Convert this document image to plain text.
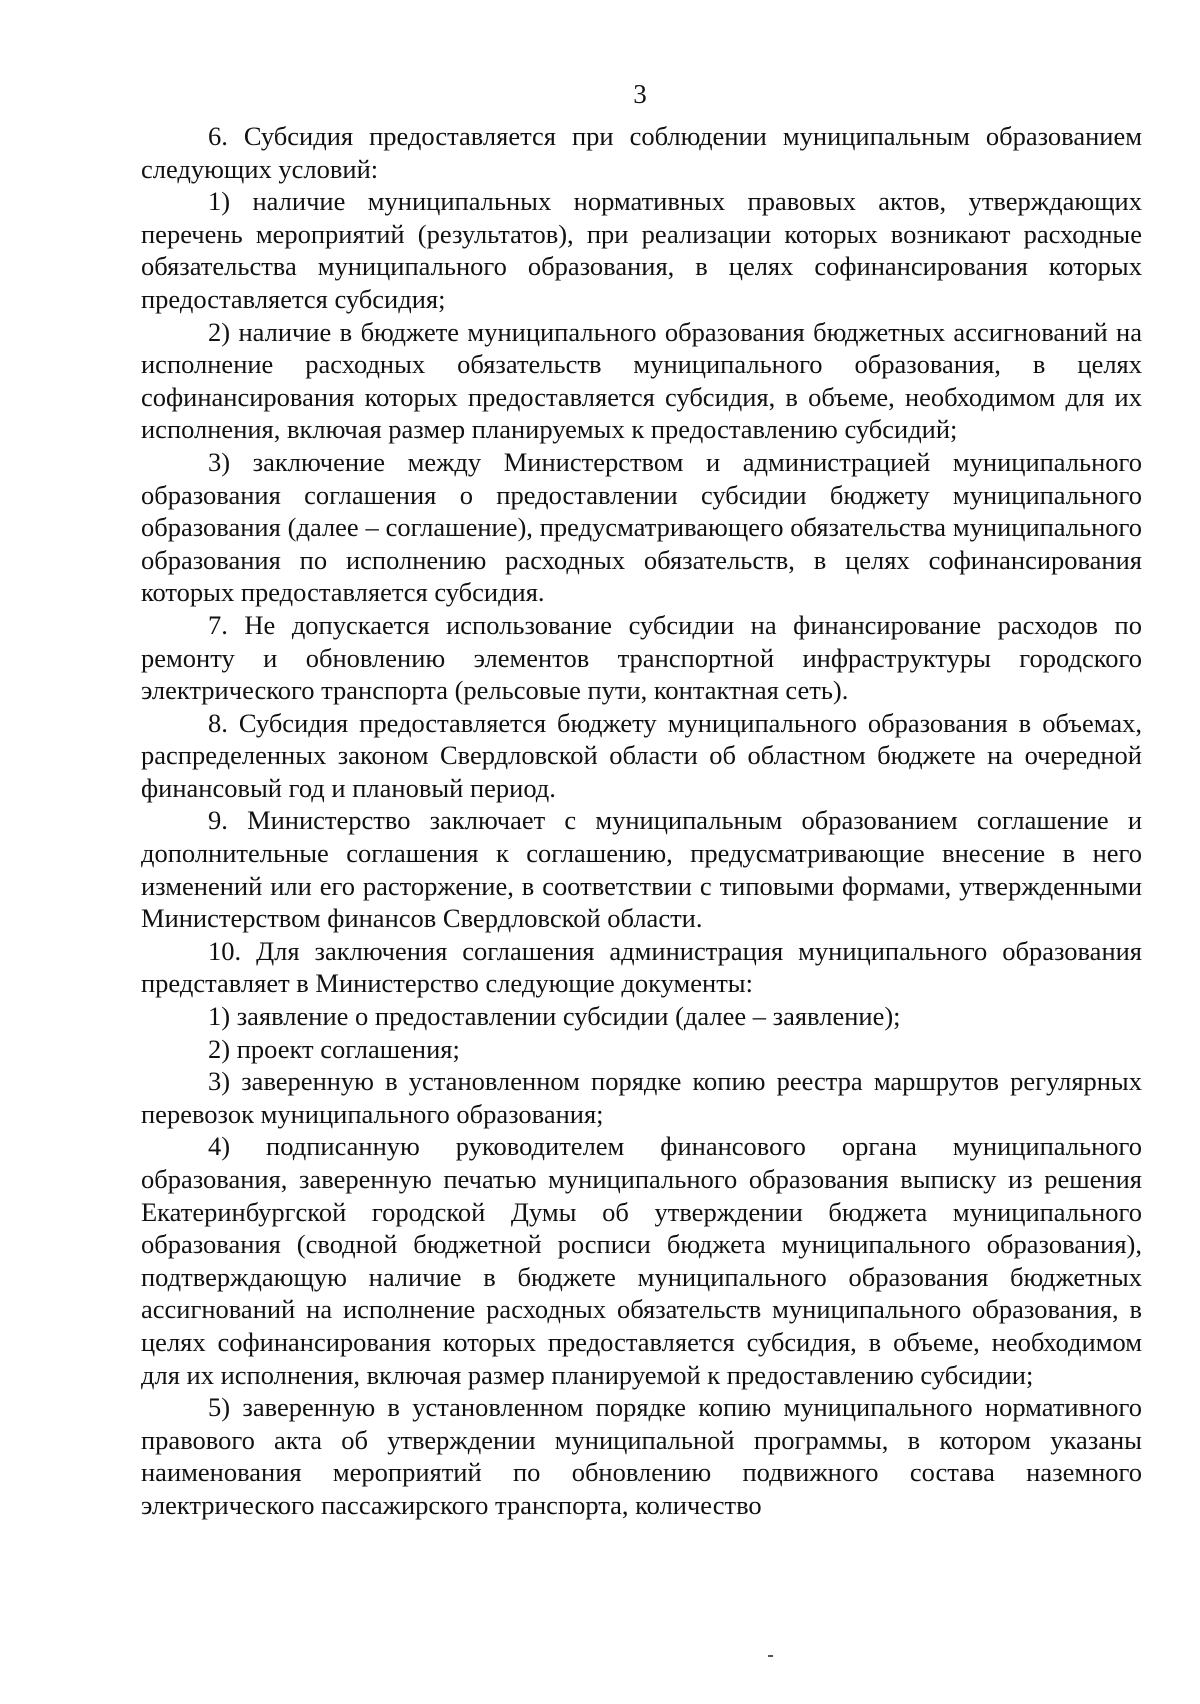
3

6. Субсидия предоставляется при соблюдении муниципальным образованием следующих условий:

1) наличие муниципальных нормативных правовых актов, утверждающих перечень мероприятий (результатов), при реализации которых возникают расходные обязательства муниципального образования, в целях софинансирования которых предоставляется субсидия;

2) наличие в бюджете муниципального образования бюджетных ассигнований на исполнение расходных обязательств муниципального образования, в целях софинансирования которых предоставляется субсидия, в объеме, необходимом для их исполнения, включая размер планируемых к предоставлению субсидий;

3) заключение между Министерством и администрацией муниципального образования соглашения о предоставлении субсидии бюджету муниципального образования (далее – соглашение), предусматривающего обязательства муниципального образования по исполнению расходных обязательств, в целях софинансирования которых предоставляется субсидия.

7. Не допускается использование субсидии на финансирование расходов по ремонту и обновлению элементов транспортной инфраструктуры городского электрического транспорта (рельсовые пути, контактная сеть).

8. Субсидия предоставляется бюджету муниципального образования в объемах, распределенных законом Свердловской области об областном бюджете на очередной финансовый год и плановый период.

9. Министерство заключает с муниципальным образованием соглашение и дополнительные соглашения к соглашению, предусматривающие внесение в него изменений или его расторжение, в соответствии с типовыми формами, утвержденными Министерством финансов Свердловской области.

10. Для заключения соглашения администрация муниципального образования представляет в Министерство следующие документы:

1) заявление о предоставлении субсидии (далее – заявление);

2) проект соглашения;

3) заверенную в установленном порядке копию реестра маршрутов регулярных перевозок муниципального образования;

4) подписанную руководителем финансового органа муниципального образования, заверенную печатью муниципального образования выписку из решения Екатеринбургской городской Думы об утверждении бюджета муниципального образования (сводной бюджетной росписи бюджета муниципального образования), подтверждающую наличие в бюджете муниципального образования бюджетных ассигнований на исполнение расходных обязательств муниципального образования, в целях софинансирования которых предоставляется субсидия, в объеме, необходимом для их исполнения, включая размер планируемой к предоставлению субсидии;

5) заверенную в установленном порядке копию муниципального нормативного правового акта об утверждении муниципальной программы, в котором указаны наименования мероприятий по обновлению подвижного состава наземного электрического пассажирского транспорта, количество
